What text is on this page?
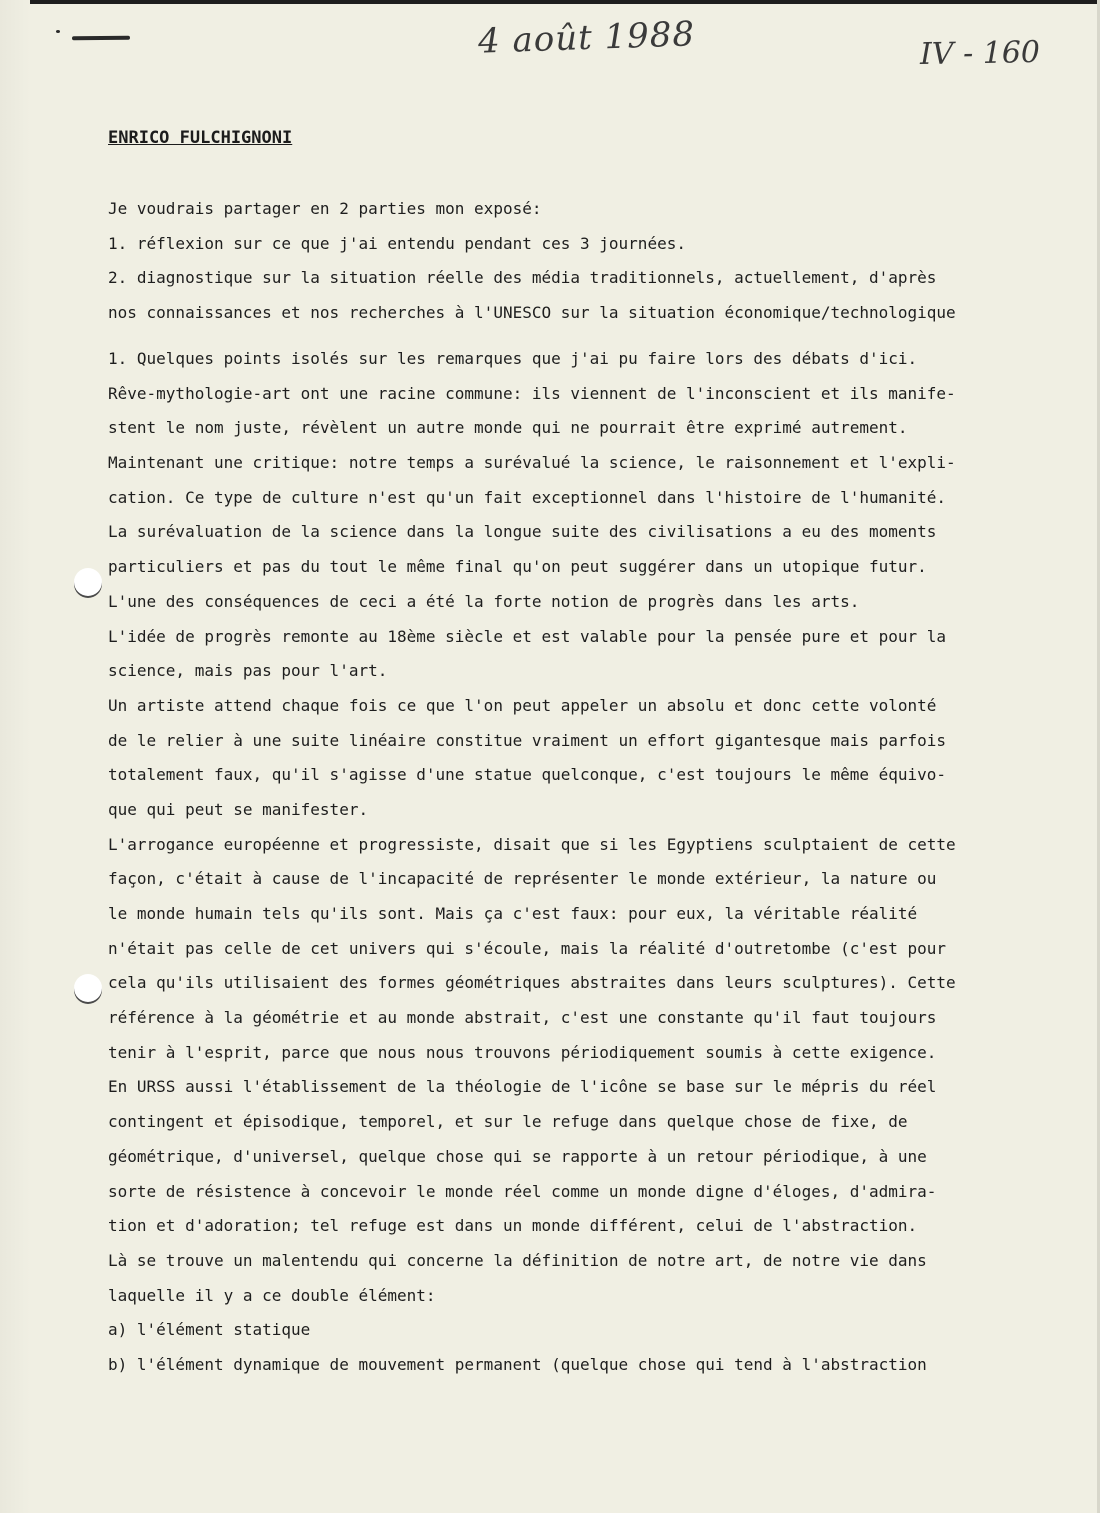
4 août 1988	IV - 160
ENRICO FULCHIGNONI
Je voudrais partager en 2 parties mon exposé:
1. réflexion sur ce que j'ai entendu pendant ces 3 journées.
2. diagnostique sur la situation réelle des média traditionnels, actuellement, d'après
nos connaissances et nos recherches à l'UNESCO sur la situation économique/technologique
1. Quelques points isolés sur les remarques que j'ai pu faire lors des débats d'ici.
Rêve-mythologie-art ont une racine commune: ils viennent de l'inconscient et ils manife-
stent le nom juste, révèlent un autre monde qui ne pourrait être exprimé autrement.
Maintenant une critique: notre temps a surévalué la science, le raisonnement et l'expli-
cation. Ce type de culture n'est qu'un fait exceptionnel dans l'histoire de l'humanité.
La surévaluation de la science dans la longue suite des civilisations a eu des moments
particuliers et pas du tout le même final qu'on peut suggérer dans un utopique futur.
L'une des conséquences de ceci a été la forte notion de progrès dans les arts.
L'idée de progrès remonte au 18ème siècle et est valable pour la pensée pure et pour la
science, mais pas pour l'art.
Un artiste attend chaque fois ce que l'on peut appeler un absolu et donc cette volonté
de le relier à une suite linéaire constitue vraiment un effort gigantesque mais parfois
totalement faux, qu'il s'agisse d'une statue quelconque, c'est toujours le même équivo-
que qui peut se manifester.
L'arrogance européenne et progressiste, disait que si les Egyptiens sculptaient de cette
façon, c'était à cause de l'incapacité de représenter le monde extérieur, la nature ou
le monde humain tels qu'ils sont. Mais ça c'est faux: pour eux, la véritable réalité
n'était pas celle de cet univers qui s'écoule, mais la réalité d'outretombe (c'est pour
cela qu'ils utilisaient des formes géométriques abstraites dans leurs sculptures). Cette
référence à la géométrie et au monde abstrait, c'est une constante qu'il faut toujours
tenir à l'esprit, parce que nous nous trouvons périodiquement soumis à cette exigence.
En URSS aussi l'établissement de la théologie de l'icône se base sur le mépris du réel
contingent et épisodique, temporel, et sur le refuge dans quelque chose de fixe, de
géométrique, d'universel, quelque chose qui se rapporte à un retour périodique, à une
sorte de résistence à concevoir le monde réel comme un monde digne d'éloges, d'admira-
tion et d'adoration; tel refuge est dans un monde différent, celui de l'abstraction.
Là se trouve un malentendu qui concerne la définition de notre art, de notre vie dans
laquelle il y a ce double élément:
a) l'élément statique
b) l'élément dynamique de mouvement permanent (quelque chose qui tend à l'abstraction
